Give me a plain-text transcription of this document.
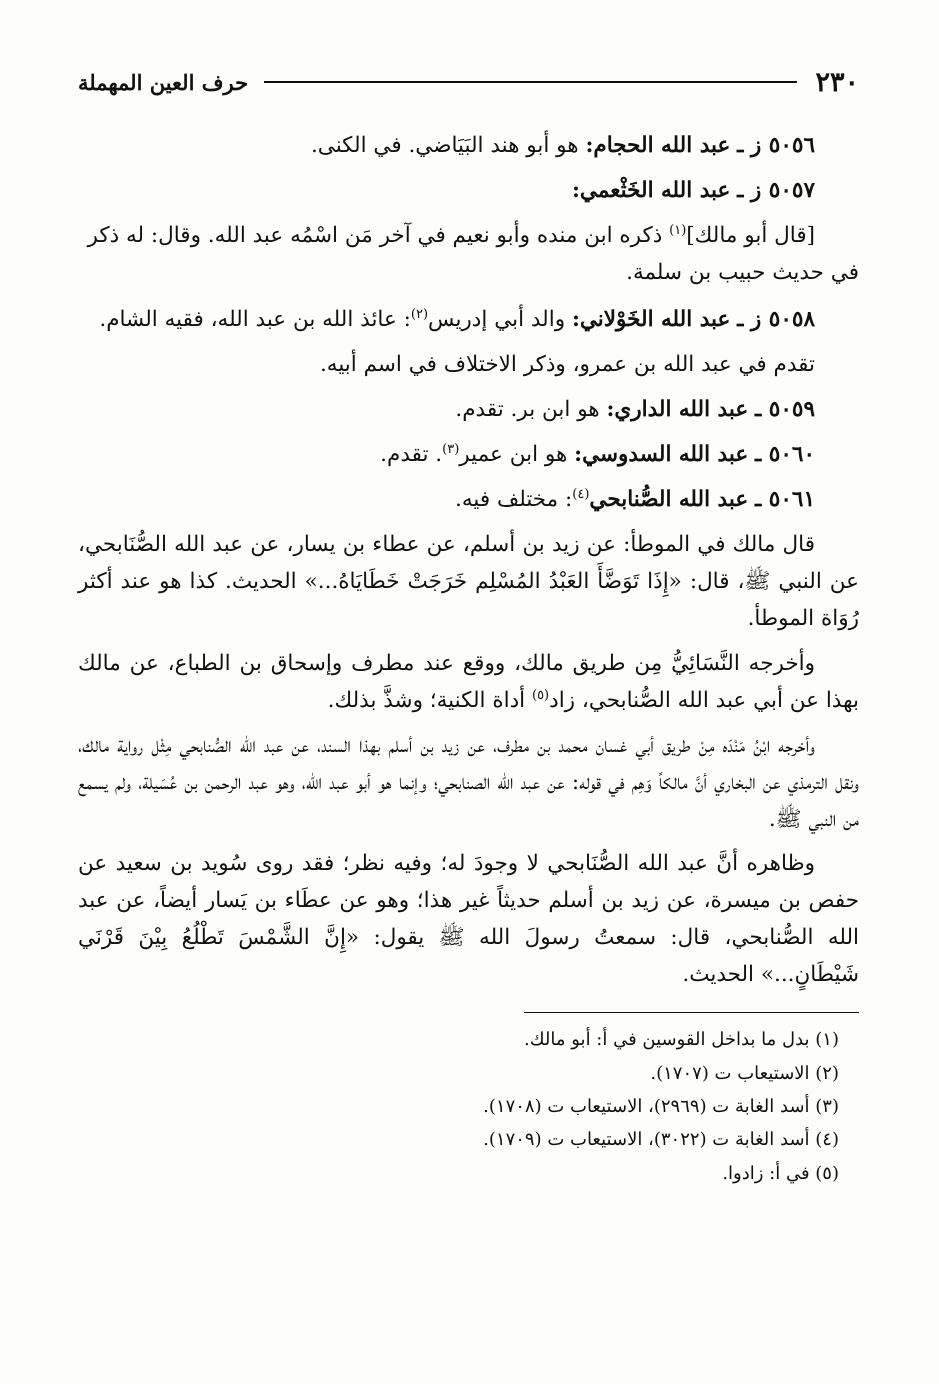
٢٣٠
حرف العين المهملة

٥٠٥٦ ز ـ عبد الله الحجام: هو أبو هند البَيَاضي. في الكنى.

٥٠٥٧ ز ـ عبد الله الخَثْعمي:

[قال أبو مالك]$^{(١)}$ ذكره ابن منده وأبو نعيم في آخر مَن اسْمُه عبد الله. وقال: له ذكر
في حديث حبيب بن سلمة.

٥٠٥٨ ز ـ عبد الله الخَوْلاني: والد أبي إدريس$^{(٢)}$: عائذ الله بن عبد الله، فقيه الشام.

تقدم في عبد الله بن عمرو، وذكر الاختلاف في اسم أبيه.

٥٠٥٩ ـ عبد الله الداري: هو ابن بر. تقدم.

٥٠٦٠ ـ عبد الله السدوسي: هو ابن عمير$^{(٣)}$. تقدم.

٥٠٦١ ـ عبد الله الصُّنابحي$^{(٤)}$: مختلف فيه.

قال مالك في الموطأ: عن زيد بن أسلم، عن عطاء بن يسار، عن عبد الله الصُّنَابحي، عن النبي ﷺ، قال: «إِذَا تَوَضَّأَ العَبْدُ المُسْلِم خَرَجَتْ خَطَايَاهُ...» الحديث. كذا هو عند أكثر رُوَاة الموطأ.

وأخرجه النَّسَائِيُّ مِن طريق مالك، ووقع عند مطرف وإسحاق بن الطباع، عن مالك بهذا عن أبي عبد الله الصُّنابحي، زاد$^{(٥)}$ أداة الكنية؛ وشذَّ بذلك.

وأخرجه ابْنُ مَنْدَه مِنْ طريق أبي غسان محمد بن مطرف، عن زيد بن أسلم بهذا السند، عن عبد الله الصُّنابحي مِثْل رواية مالك، ونقل الترمذي عن البخاري أنَّ مالكاً وَهِم في قوله: عن عبد الله الصنابحي؛ وإنما هو أبو عبد الله، وهو عبد الرحمن بن عُسَيلة، ولم يسمع من النبي ﷺ.

وظاهره أنَّ عبد الله الصُّنَابحي لا وجودَ له؛ وفيه نظر؛ فقد روى سُويد بن سعيد عن حفص بن ميسرة، عن زيد بن أسلم حديثاً غير هذا؛ وهو عن عطَاء بن يَسار أيضاً، عن عبد الله الصُّنابحي، قال: سمعتُ رسولَ الله ﷺ يقول: «إِنَّ الشَّمْسَ تَطْلُعُ بِيْنَ قَرْنَي شَيْطَانٍ...» الحديث.

(١) بدل ما بداخل القوسين في أ: أبو مالك.

(٢) الاستيعاب ت (١٧٠٧).

(٣) أسد الغابة ت (٢٩٦٩)، الاستيعاب ت (١٧٠٨).

(٤) أسد الغابة ت (٣٠٢٢)، الاستيعاب ت (١٧٠٩).

(٥) في أ: زادوا.
